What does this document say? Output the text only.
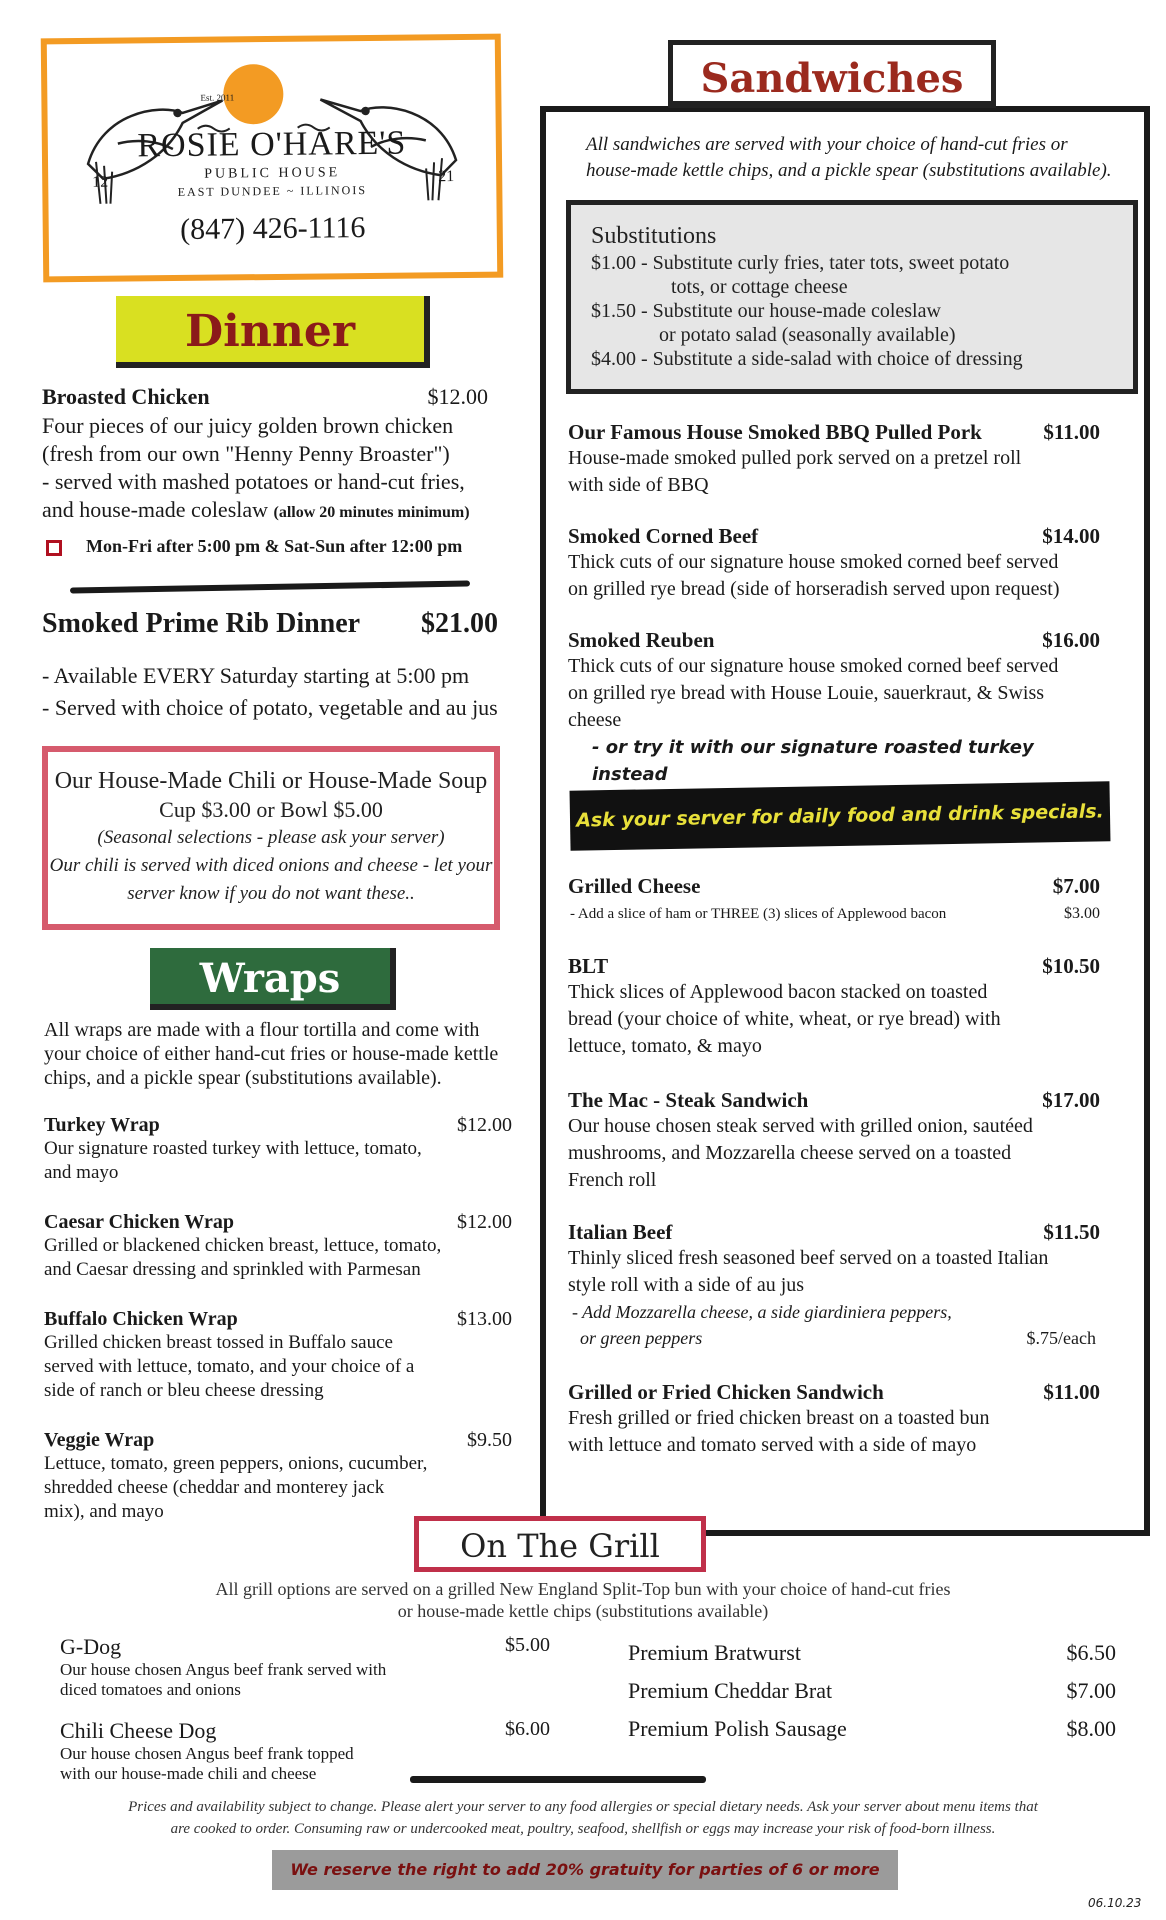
Est. 2011
ROSIE O'HARE'S
PUBLIC HOUSE
EAST DUNDEE ~ ILLINOIS
12	21
(847) 426-1116
Dinner
Broasted Chicken	$12.00
Four pieces of our juicy golden brown chicken
(fresh from our own "Henny Penny Broaster")
- served with mashed potatoes or hand-cut fries,
and house-made coleslaw (allow 20 minutes minimum)
Mon-Fri after 5:00 pm & Sat-Sun after 12:00 pm
Smoked Prime Rib Dinner $21.00
- Available EVERY Saturday starting at 5:00 pm
- Served with choice of potato, vegetable and au jus
Our House-Made Chili or House-Made Soup
Cup $3.00 or Bowl $5.00
(Seasonal selections - please ask your server)
Our chili is served with diced onions and cheese - let your
server know if you do not want these..
Wraps
All wraps are made with a flour tortilla and come with
your choice of either hand-cut fries or house-made kettle
chips, and a pickle spear (substitutions available).
Turkey Wrap	$12.00
Our signature roasted turkey with lettuce, tomato,
and mayo
Caesar Chicken Wrap	$12.00
Grilled or blackened chicken breast, lettuce, tomato,
and Caesar dressing and sprinkled with Parmesan
Buffalo Chicken Wrap	$13.00
Grilled chicken breast tossed in Buffalo sauce
served with lettuce, tomato, and your choice of a
side of ranch or bleu cheese dressing
Veggie Wrap	$9.50
Lettuce, tomato, green peppers, onions, cucumber,
shredded cheese (cheddar and monterey jack
mix), and mayo
Sandwiches
All sandwiches are served with your choice of hand-cut fries or
house-made kettle chips, and a pickle spear (substitutions available).
Substitutions
$1.00 - Substitute curly fries, tater tots, sweet potato
tots, or cottage cheese
$1.50 - Substitute our house-made coleslaw
or potato salad (seasonally available)
$4.00 - Substitute a side-salad with choice of dressing
Our Famous House Smoked BBQ Pulled Pork	$11.00
House-made smoked pulled pork served on a pretzel roll
with side of BBQ
Smoked Corned Beef	$14.00
Thick cuts of our signature house smoked corned beef served
on grilled rye bread (side of horseradish served upon request)
Smoked Reuben	$16.00
Thick cuts of our signature house smoked corned beef served
on grilled rye bread with House Louie, sauerkraut, & Swiss
cheese
- or try it with our signature roasted turkey instead
Ask your server for daily food and drink specials.
Grilled Cheese	$7.00
- Add a slice of ham or THREE (3) slices of Applewood bacon	$3.00
BLT	$10.50
Thick slices of Applewood bacon stacked on toasted
bread (your choice of white, wheat, or rye bread) with
lettuce, tomato, & mayo
The Mac - Steak Sandwich	$17.00
Our house chosen steak served with grilled onion, sautéed
mushrooms, and Mozzarella cheese served on a toasted
French roll
Italian Beef	$11.50
Thinly sliced fresh seasoned beef served on a toasted Italian
style roll with a side of au jus
- Add Mozzarella cheese, a side giardiniera peppers,
or green peppers	$.75/each
Grilled or Fried Chicken Sandwich	$11.00
Fresh grilled or fried chicken breast on a toasted bun
with lettuce and tomato served with a side of mayo
On The Grill
All grill options are served on a grilled New England Split-Top bun with your choice of hand-cut fries
or house-made kettle chips (substitutions available)
G-Dog	$5.00
Our house chosen Angus beef frank served with
diced tomatoes and onions
Chili Cheese Dog	$6.00
Our house chosen Angus beef frank topped
with our house-made chili and cheese
Premium Bratwurst	$6.50
Premium Cheddar Brat	$7.00
Premium Polish Sausage	$8.00
Prices and availability subject to change. Please alert your server to any food allergies or special dietary needs. Ask your server about menu items that
are cooked to order. Consuming raw or undercooked meat, poultry, seafood, shellfish or eggs may increase your risk of food-born illness.
We reserve the right to add 20% gratuity for parties of 6 or more
06.10.23
